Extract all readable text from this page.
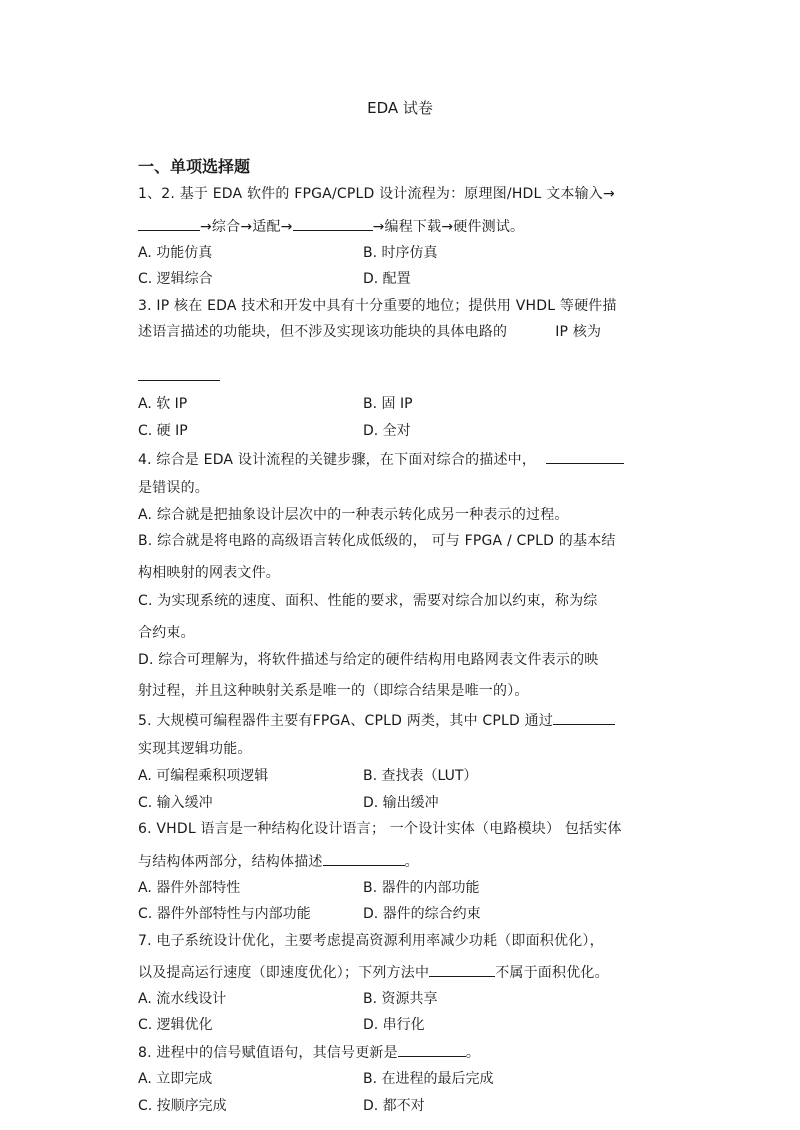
EDA 试卷
一、单项选择题
1、2. 基于 EDA 软件的 FPGA/CPLD 设计流程为：原理图/HDL 文本输入→
→综合→适配→	→编程下载→硬件测试。
A. 功能仿真	B. 时序仿真
C. 逻辑综合	D. 配置
3. IP 核在 EDA 技术和开发中具有十分重要的地位；提供用 VHDL 等硬件描
述语言描述的功能块，但不涉及实现该功能块的具体电路的	IP 核为
A. 软 IP	B. 固 IP
C. 硬 IP	D. 全对
4. 综合是 EDA 设计流程的关键步骤，在下面对综合的描述中，
是错误的。
A. 综合就是把抽象设计层次中的一种表示转化成另一种表示的过程。
B. 综合就是将电路的高级语言转化成低级的， 可与 FPGA / CPLD 的基本结
构相映射的网表文件。
C. 为实现系统的速度、面积、性能的要求，需要对综合加以约束，称为综
合约束。
D. 综合可理解为，将软件描述与给定的硬件结构用电路网表文件表示的映
射过程，并且这种映射关系是唯一的（即综合结果是唯一的）。
5. 大规模可编程器件主要有FPGA、CPLD 两类，其中 CPLD 通过
实现其逻辑功能。
A. 可编程乘积项逻辑	B. 查找表（LUT）
C. 输入缓冲	D. 输出缓冲
6. VHDL 语言是一种结构化设计语言； 一个设计实体（电路模块） 包括实体
与结构体两部分，结构体描述	。
A. 器件外部特性	B. 器件的内部功能
C. 器件外部特性与内部功能	D. 器件的综合约束
7. 电子系统设计优化，主要考虑提高资源利用率减少功耗（即面积优化），
以及提高运行速度（即速度优化）；下列方法中	不属于面积优化。
A. 流水线设计	B. 资源共享
C. 逻辑优化	D. 串行化
8. 进程中的信号赋值语句，其信号更新是	。
A. 立即完成	B. 在进程的最后完成
C. 按顺序完成	D. 都不对
